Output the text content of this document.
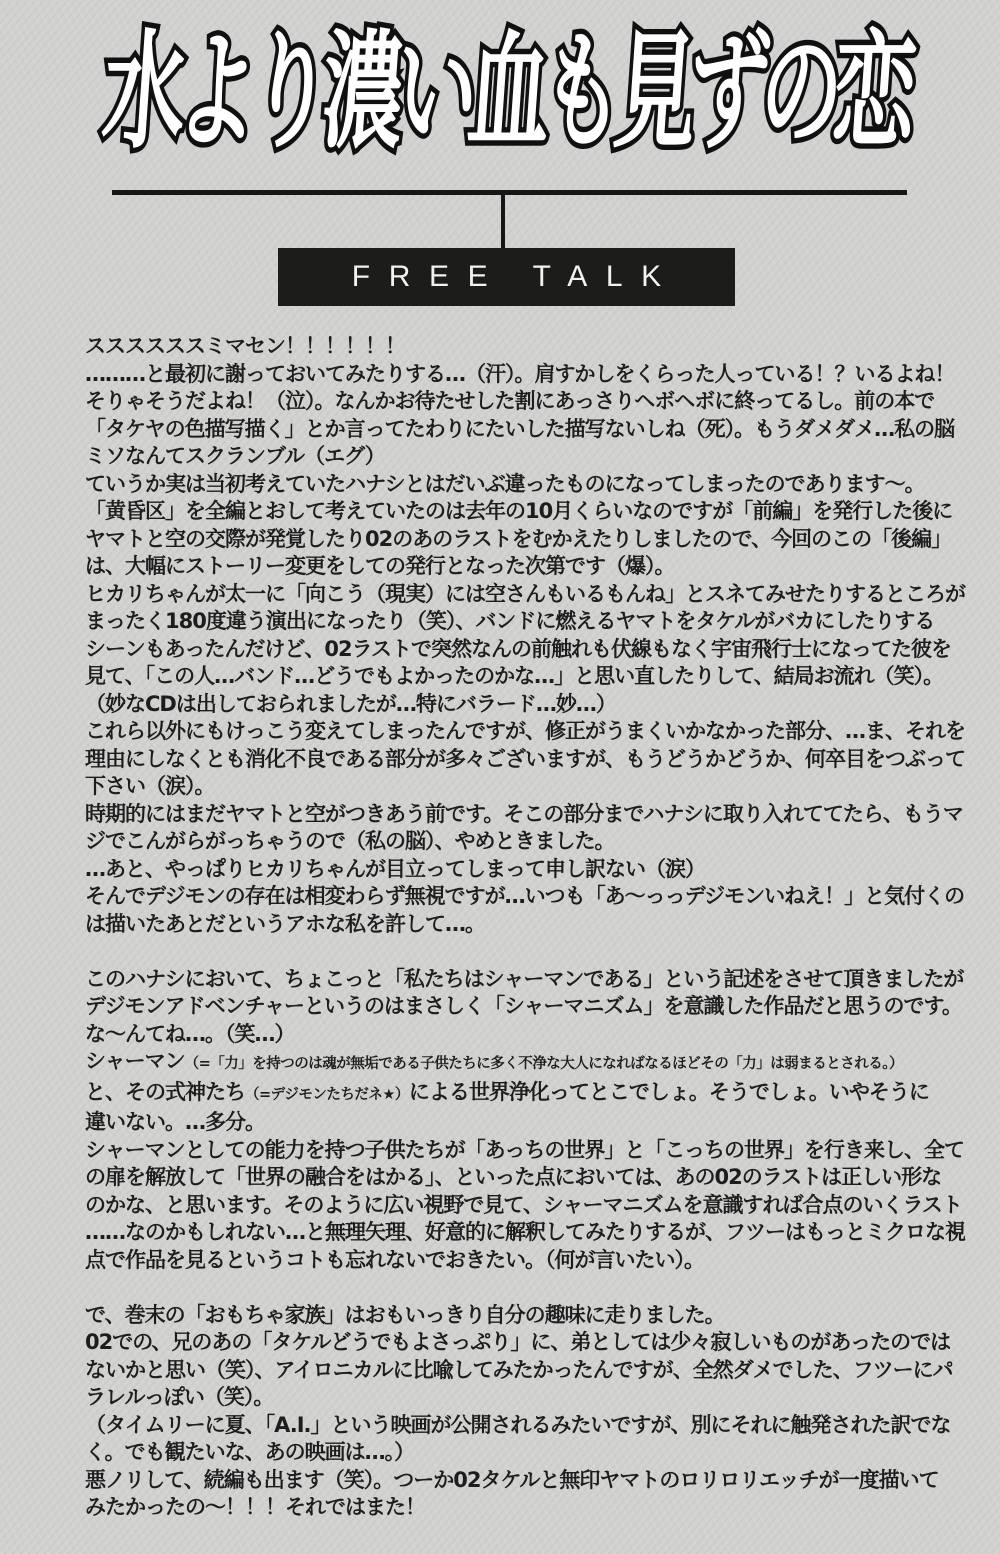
水より濃い血も見ずの恋
FREE TALK
ススススススミマセン！！！！！！
………と最初に謝っておいてみたりする…（汗）。肩すかしをくらった人っている！？いるよね！
そりゃそうだよね！（泣）。なんかお待たせした割にあっさりヘボヘボに終ってるし。前の本で
「タケヤの色描写描く」とか言ってたわりにたいした描写ないしね（死）。もうダメダメ…私の脳
ミソなんてスクランブル（エグ）
ていうか実は当初考えていたハナシとはだいぶ違ったものになってしまったのであります〜。
「黄昏区」を全編とおして考えていたのは去年の10月くらいなのですが「前編」を発行した後に
ヤマトと空の交際が発覚したり02のあのラストをむかえたりしましたので、今回のこの「後編」
は、大幅にストーリー変更をしての発行となった次第です（爆）。
ヒカリちゃんが太一に「向こう（現実）には空さんもいるもんね」とスネてみせたりするところが
まったく180度違う演出になったり（笑）、バンドに燃えるヤマトをタケルがバカにしたりする
シーンもあったんだけど、02ラストで突然なんの前触れも伏線もなく宇宙飛行士になってた彼を
見て、「この人…バンド…どうでもよかったのかな…」と思い直したりして、結局お流れ（笑）。
（妙なCDは出しておられましたが…特にバラード…妙…）
これら以外にもけっこう変えてしまったんですが、修正がうまくいかなかった部分、…ま、それを
理由にしなくとも消化不良である部分が多々ございますが、もうどうかどうか、何卒目をつぶって
下さい（涙）。
時期的にはまだヤマトと空がつきあう前です。そこの部分までハナシに取り入れててたら、もうマ
ジでこんがらがっちゃうので（私の脳）、やめときました。
…あと、やっぱりヒカリちゃんが目立ってしまって申し訳ない（涙）
そんでデジモンの存在は相変わらず無視ですが…いつも「あ〜っっデジモンいねえ！」と気付くの
は描いたあとだというアホな私を許して…。
このハナシにおいて、ちょこっと「私たちはシャーマンである」という記述をさせて頂きましたが
デジモンアドベンチャーというのはまさしく「シャーマニズム」を意識した作品だと思うのです。
な〜んてね…。（笑…）
シャーマン（=「力」を持つのは魂が無垢である子供たちに多く不浄な大人になればなるほどその「力」は弱まるとされる。）
と、その式神たち（=デジモンたちだネ★）による世界浄化ってとこでしょ。そうでしょ。いやそうに
違いない。…多分。
シャーマンとしての能力を持つ子供たちが「あっちの世界」と「こっちの世界」を行き来し、全て
の扉を解放して「世界の融合をはかる」、といった点においては、あの02のラストは正しい形な
のかな、と思います。そのように広い視野で見て、シャーマニズムを意識すれば合点のいくラスト
……なのかもしれない…と無理矢理、好意的に解釈してみたりするが、フツーはもっとミクロな視
点で作品を見るというコトも忘れないでおきたい。（何が言いたい）。
で、巻末の「おもちゃ家族」はおもいっきり自分の趣味に走りました。
02での、兄のあの「タケルどうでもよさっぷり」に、弟としては少々寂しいものがあったのでは
ないかと思い（笑）、アイロニカルに比喩してみたかったんですが、全然ダメでした、フツーにパ
ラレルっぽい（笑）。
（タイムリーに夏、「A.I.」という映画が公開されるみたいですが、別にそれに触発された訳でな
く。でも観たいな、あの映画は…。）
悪ノリして、続編も出ます（笑）。つーか02タケルと無印ヤマトのロリロリエッチが一度描いて
みたかったの〜！！！それではまた！
